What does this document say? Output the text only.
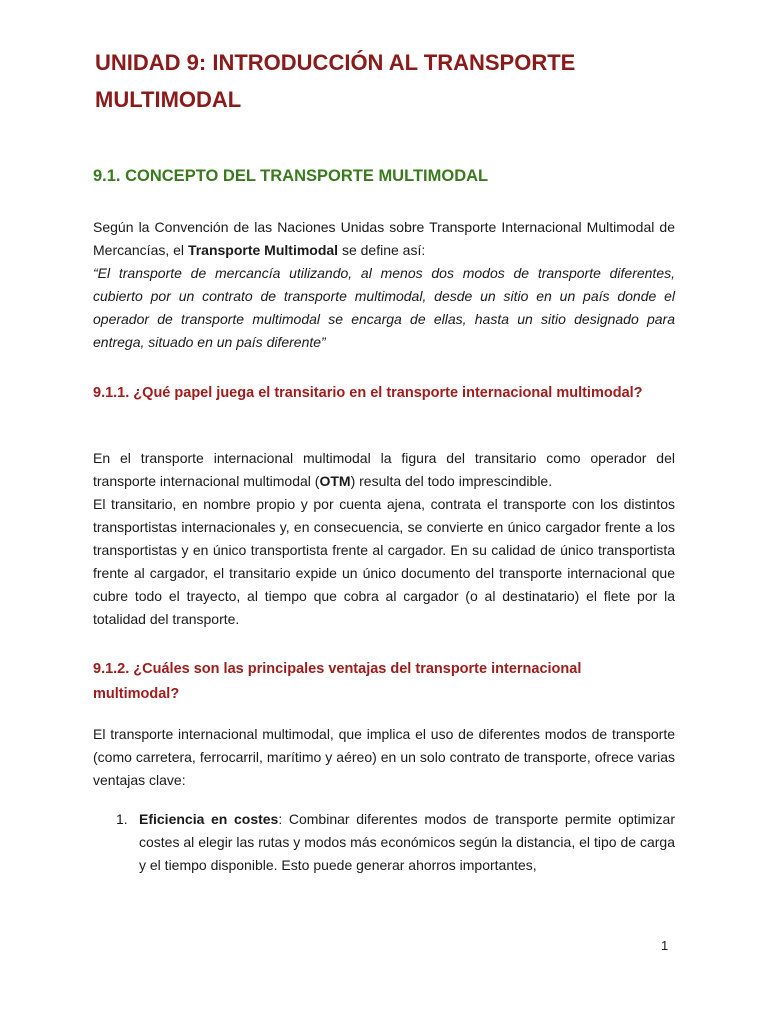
UNIDAD 9: INTRODUCCIÓN AL TRANSPORTE MULTIMODAL
9.1. CONCEPTO DEL TRANSPORTE MULTIMODAL

Según la Convención de las Naciones Unidas sobre Transporte Internacional Multimodal de Mercancías, el Transporte Multimodal se define así:

“El transporte de mercancía utilizando, al menos dos modos de transporte diferentes, cubierto por un contrato de transporte multimodal, desde un sitio en un país donde el operador de transporte multimodal se encarga de ellas, hasta un sitio designado para entrega, situado en un país diferente”

9.1.1. ¿Qué papel juega el transitario en el transporte internacional multimodal?

En el transporte internacional multimodal la figura del transitario como operador del transporte internacional multimodal (OTM) resulta del todo imprescindible.

El transitario, en nombre propio y por cuenta ajena, contrata el transporte con los distintos transportistas internacionales y, en consecuencia, se convierte en único cargador frente a los transportistas y en único transportista frente al cargador. En su calidad de único transportista frente al cargador, el transitario expide un único documento del transporte internacional que cubre todo el trayecto, al tiempo que cobra al cargador (o al destinatario) el flete por la totalidad del transporte.

9.1.2. ¿Cuáles son las principales ventajas del transporte internacional multimodal?

El transporte internacional multimodal, que implica el uso de diferentes modos de transporte (como carretera, ferrocarril, marítimo y aéreo) en un solo contrato de transporte, ofrece varias ventajas clave:

1. Eficiencia en costes: Combinar diferentes modos de transporte permite optimizar costes al elegir las rutas y modos más económicos según la distancia, el tipo de carga y el tiempo disponible. Esto puede generar ahorros importantes,

1
